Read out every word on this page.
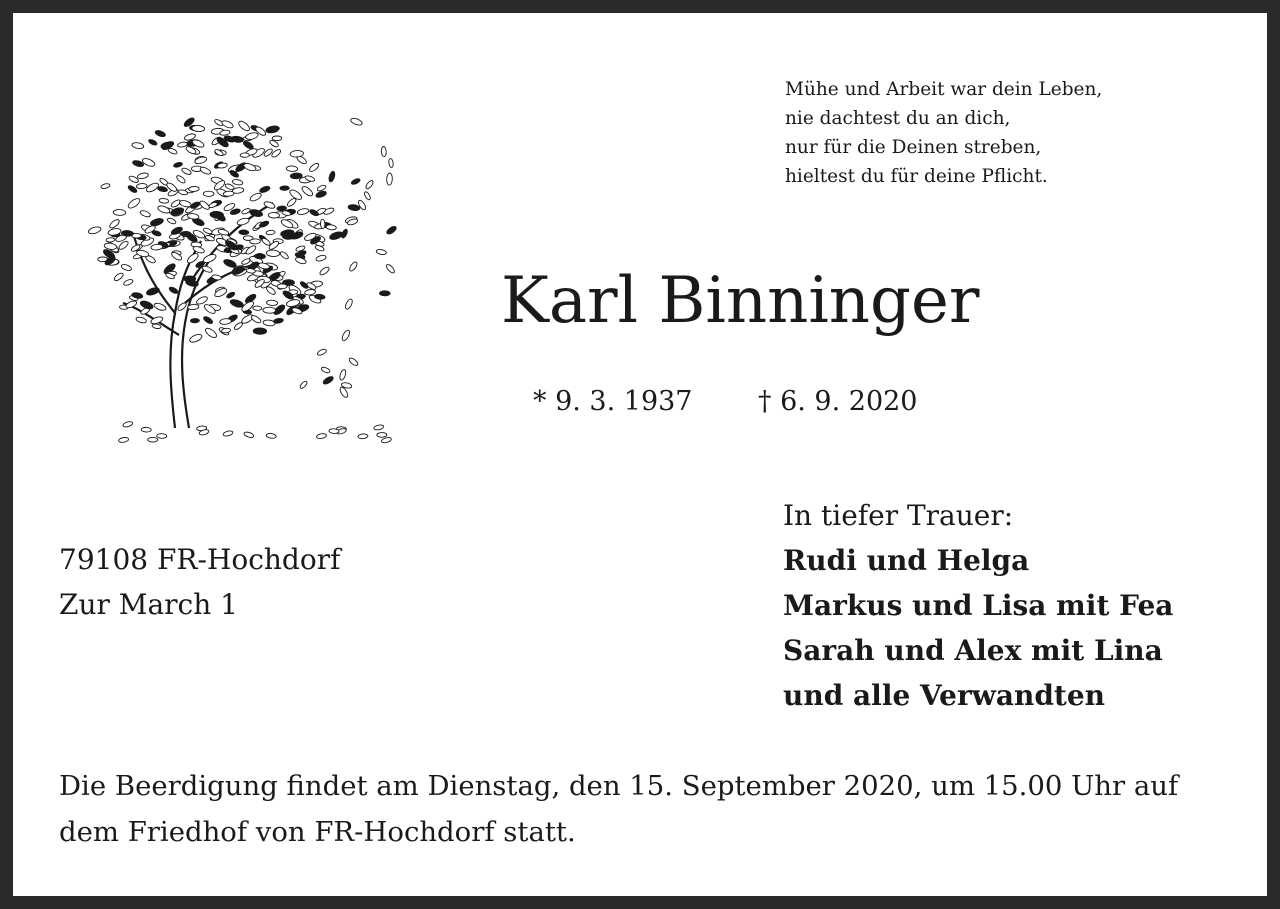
Mühe und Arbeit war dein Leben,
nie dachtest du an dich,
nur für die Deinen streben,
hieltest du für deine Pflicht.
Karl Binninger
* 9. 3. 1937 † 6. 9. 2020
79108 FR-Hochdorf
Zur March 1
In tiefer Trauer:
Rudi und Helga
Markus und Lisa mit Fea
Sarah und Alex mit Lina
und alle Verwandten
Die Beerdigung findet am Dienstag, den 15. September 2020, um 15.00 Uhr auf dem Friedhof von FR-Hochdorf statt.
